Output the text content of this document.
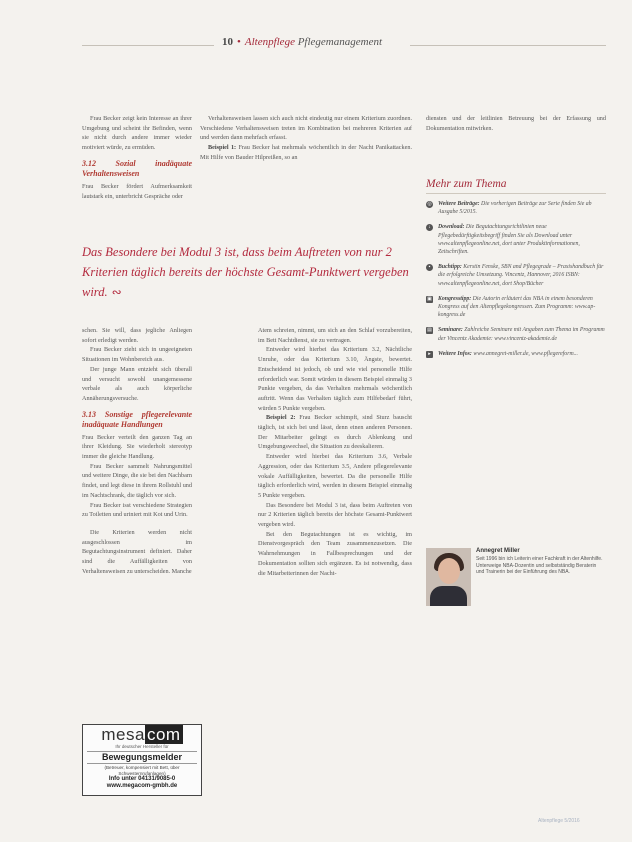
10 • Altenpflege Pflegemanagement

Frau Becker zeigt kein Interesse an ihrer Umgebung und scheint ihr Befinden, wenn sie nicht durch andere immer wieder motiviert würde, zu ermüden.

3.12 Sozial inadäquate Verhaltensweisen

Frau Becker fördert Aufmerksamkeit lautstark ein, unterbricht Gespräche oder

Verhaltensweisen lassen sich auch nicht eindeutig nur einem Kriterium zuordnen. Verschiedene Verhaltensweisen treten im Kombination bei mehreren Kriterien auf und werden dann mehrfach erfasst.

Beispiel 1: Frau Becker hat mehrmals wöchentlich in der Nacht Panikattacken. Mit Hilfe von Bauder Hilpreißen, so an

diensten und der leitlinien Betreuung bei der Erfassung und Dokumentation mitwirken.

Das Besondere bei Modul 3 ist, dass beim Auftreten von nur 2 Kriterien täglich bereits der höchste Gesamt-Punktwert vergeben wird. ∾

schen. Sie will, dass jegliche Anliegen sofort erledigt werden.

Frau Becker zieht sich in ungeeigneten Situationen im Wohnbereich aus.

Der junge Mann entzieht sich überall und versucht sowohl unangemessene verbale als auch körperliche Annäherungsversuche.

3.13 Sonstige pflegerelevante inadäquate Handlungen

Frau Becker verteilt den ganzen Tag an ihrer Kleidung. Sie wiederholt stereotyp immer die gleiche Handlung.

Frau Becker sammelt Nahrungsmittel und weitere Dinge, die sie bei den Nachbarn findet, und legt diese in ihrem Rollstuhl und im Nachtschrank, die täglich vor sich.

Frau Becker isst verschiedene Strategien zu Toiletten und uriniert mit Kot und Urin.

Die Kriterien werden nicht ausgeschlossen im Begutachtungsinstrument definiert. Daher sind die Auffälligkeiten von Verhaltensweisen zu unterscheiden. Manche

Atem schreien, nimmt, um sich an den Schlaf vorzubereiten, im Bett Nachtdienst, sie zu vertragen.

Entweder wird hierbei das Kriterium 3.2, Nächtliche Unruhe, oder das Kriterium 3.10, Ängste, bewertet. Entscheidend ist jedoch, ob und wie viel personelle Hilfe erforderlich war. Somit würden in diesem Beispiel einmalig 3 Punkte vergeben, da das Verhalten mehrmals wöchentlich auftritt. Wenn das Verhalten täglich zum Hilfebedarf führt, würden 5 Punkte vergeben.

Beispiel 2: Frau Becker schimpft, sind Sturz bauscht täglich, ist sich bei und lässt, denn einen anderen Personen. Der Mitarbeiter gelingt es durch Ablenkung und Umgebungswechsel, die Situation zu deeskalieren.

Entweder wird hierbei das Kriterium 3.6, Verbale Aggression, oder das Kriterium 3.5, Andere pflegerelevante vokale Auffälligkeiten, bewertet. Da die personelle Hilfe täglich erforderlich wird, werden in diesem Beispiel einmalig 5 Punkte vergeben.

Das Besondere bei Modul 3 ist, dass beim Auftreten von nur 2 Kriterien täglich bereits der höchste Gesamt-Punktwert vergeben wird.

Bei den Begutachtungen ist es wichtig, im Dienstvorgespräch den Team zusammenzusetzen. Die Wahrnehmungen in Fallbesprechungen und der Dokumentation sollten sich ergänzen. Es ist notwendig, dass die Mitarbeiterinnen der Nacht-

Mehr zum Thema
◎ Weitere Beiträge: Die vorherigen Beiträge zur Serie finden Sie ab Ausgabe 5/2015.
↓	Download: Die Begutachtungsrichtlinien neue Pflegebedürftigkeitsbegriff finden Sie als Download unter www.altenpflegeonline.net, dort unter Produktinformationen, Zeitschriften.
▪	Buchtipp: Kerstin Fenske, SBN and Pflegegrade – Praxishandbuch für die erfolgreiche Umsetzung. Vincentz, Hannover, 2016 ISBN: www.altenpflegeonline.net, dort Shop/Bücher
▣ Kongresstipp: Die Autorin erläutert das NBA in einem besonderen Kongress auf den Altenpflegekongressen. Zum Programm: www.ap-kongress.de
▤ Seminare: Zahlreiche Seminare mit Angaben zum Thema im Programm der Vincentz Akademie: www.vincentz-akademie.de
▸	Weitere Infos: www.annegret-miller.de, www.pflegereform...
Annegret Miller
Seit 1996 bin ich Leiterin einer Fachkraft in der Altenhilfe. Unterweige NBA-Dozentin und selbstständig Beraterin und Trainerin bei der Einführung des NBA.
mesa com
Ihr deutscher Hersteller für
Bewegungsmelder
(Betreuer, kompensiert mit Bett, über Schwesternrufanlagen)
Info unter 04131/9085-0
www.megacom-gmbh.de
Altenpflege 5/2016
